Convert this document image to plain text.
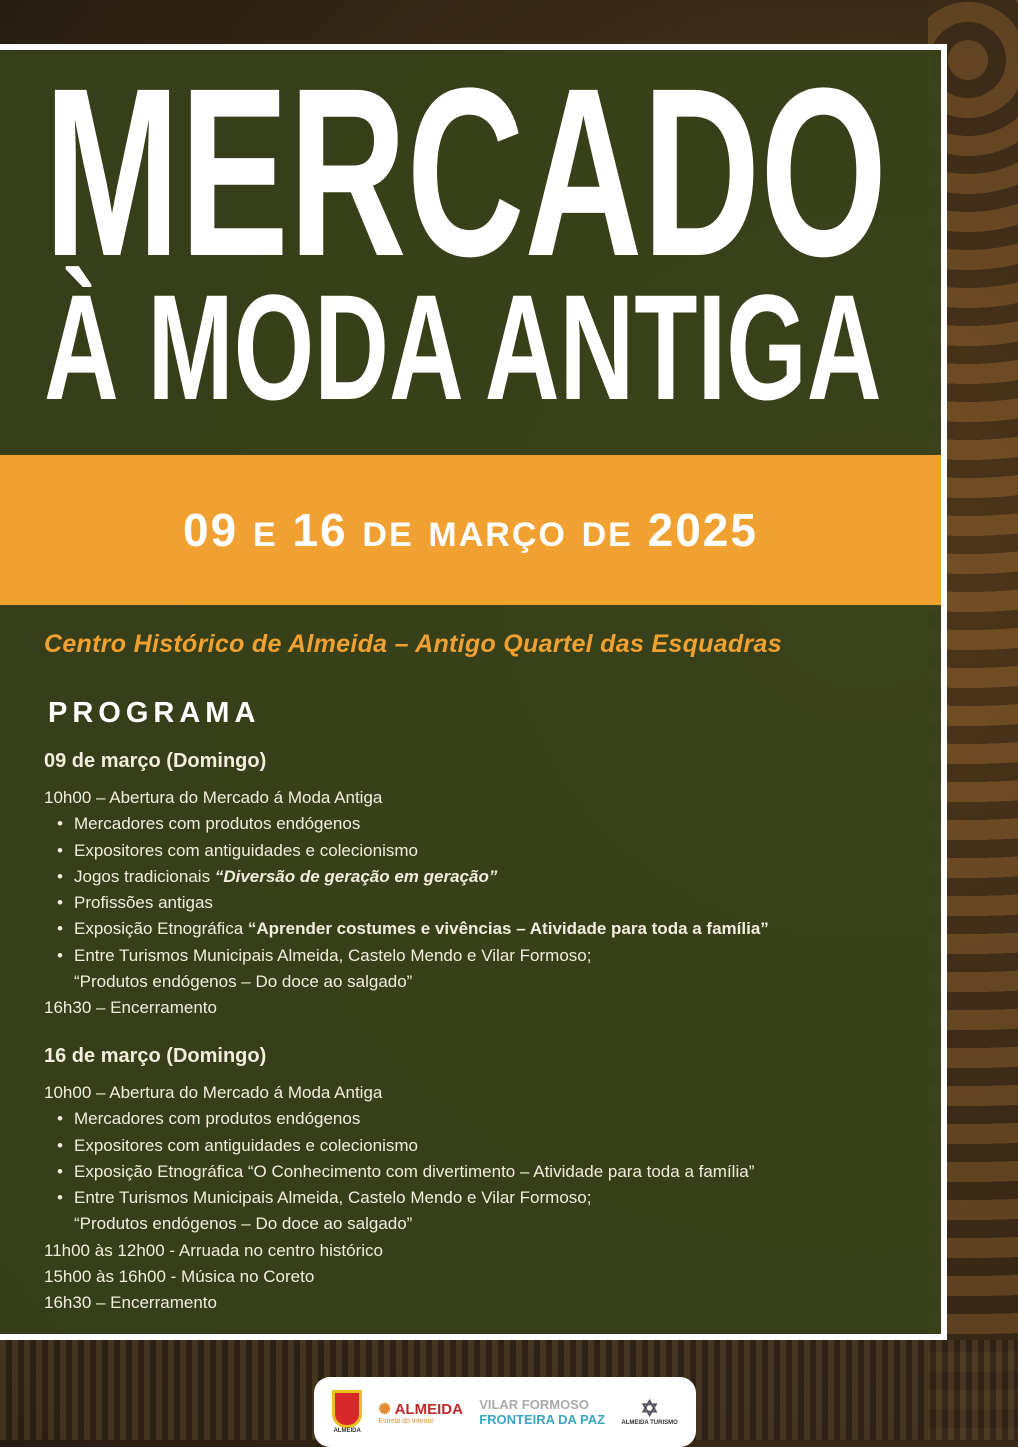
MERCADO
À MODA ANTIGA
09 E 16 DE MARÇO DE 2025
Centro Histórico de Almeida – Antigo Quartel das Esquadras
PROGRAMA
09 de março (Domingo)
10h00 – Abertura do Mercado á Moda Antiga
• Mercadores com produtos endógenos
• Expositores com antiguidades e colecionismo
• Jogos tradicionais “Diversão de geração em geração”
• Profissões antigas
• Exposição Etnográfica “Aprender costumes e vivências – Atividade para toda a família”
• Entre Turismos Municipais Almeida, Castelo Mendo e Vilar Formoso;
“Produtos endógenos – Do doce ao salgado”
16h30 – Encerramento
16 de março (Domingo)
10h00 – Abertura do Mercado á Moda Antiga
• Mercadores com produtos endógenos
• Expositores com antiguidades e colecionismo
• Exposição Etnográfica “O Conhecimento com divertimento – Atividade para toda a família”
• Entre Turismos Municipais Almeida, Castelo Mendo e Vilar Formoso;
“Produtos endógenos – Do doce ao salgado”
11h00 às 12h00 - Arruada no centro histórico
15h00 às 16h00 - Música no Coreto
16h30 – Encerramento
ALMEIDA
✺ ALMEIDA
Estrela do Interior
VILAR FORMOSO
FRONTEIRA DA PAZ	✡
ALMEIDA TURISMO
